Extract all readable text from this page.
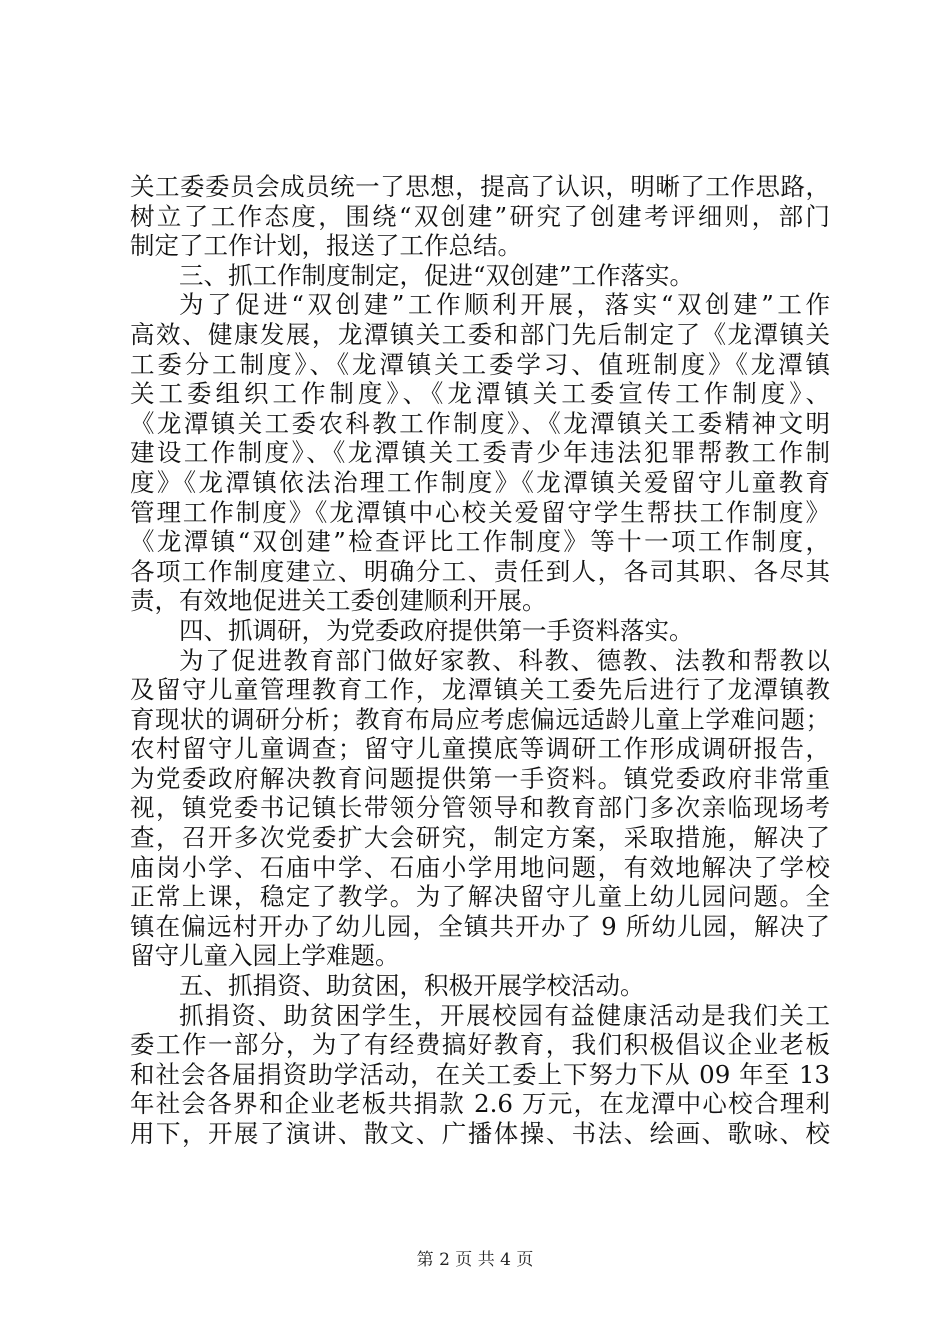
关工委委员会成员统一了思想，提高了认识，明晰了工作思路，
树立了工作态度，围绕“双创建”研究了创建考评细则，部门
制定了工作计划，报送了工作总结。
三、抓工作制度制定，促进“双创建”工作落实。
为了促进“双创建”工作顺利开展，落实“双创建”工作
高效、健康发展，龙潭镇关工委和部门先后制定了《龙潭镇关
工委分工制度》、《龙潭镇关工委学习、值班制度》《龙潭镇
关工委组织工作制度》、《龙潭镇关工委宣传工作制度》、
《龙潭镇关工委农科教工作制度》、《龙潭镇关工委精神文明
建设工作制度》、《龙潭镇关工委青少年违法犯罪帮教工作制
度》《龙潭镇依法治理工作制度》《龙潭镇关爱留守儿童教育
管理工作制度》《龙潭镇中心校关爱留守学生帮扶工作制度》
《龙潭镇“双创建”检查评比工作制度》等十一项工作制度，
各项工作制度建立、明确分工、责任到人，各司其职、各尽其
责，有效地促进关工委创建顺利开展。
四、抓调研，为党委政府提供第一手资料落实。
为了促进教育部门做好家教、科教、德教、法教和帮教以
及留守儿童管理教育工作，龙潭镇关工委先后进行了龙潭镇教
育现状的调研分析；教育布局应考虑偏远适龄儿童上学难问题；
农村留守儿童调查；留守儿童摸底等调研工作形成调研报告，
为党委政府解决教育问题提供第一手资料。镇党委政府非常重
视，镇党委书记镇长带领分管领导和教育部门多次亲临现场考
查，召开多次党委扩大会研究，制定方案，采取措施，解决了
庙岗小学、石庙中学、石庙小学用地问题，有效地解决了学校
正常上课，稳定了教学。为了解决留守儿童上幼儿园问题。全
镇在偏远村开办了幼儿园，全镇共开办了 9 所幼儿园，解决了
留守儿童入园上学难题。
五、抓捐资、助贫困，积极开展学校活动。
抓捐资、助贫困学生，开展校园有益健康活动是我们关工
委工作一部分，为了有经费搞好教育，我们积极倡议企业老板
和社会各届捐资助学活动，在关工委上下努力下从 09 年至 13
年社会各界和企业老板共捐款 2.6 万元，在龙潭中心校合理利
用下，开展了演讲、散文、广播体操、书法、绘画、歌咏、校
第 2 页 共 4 页
